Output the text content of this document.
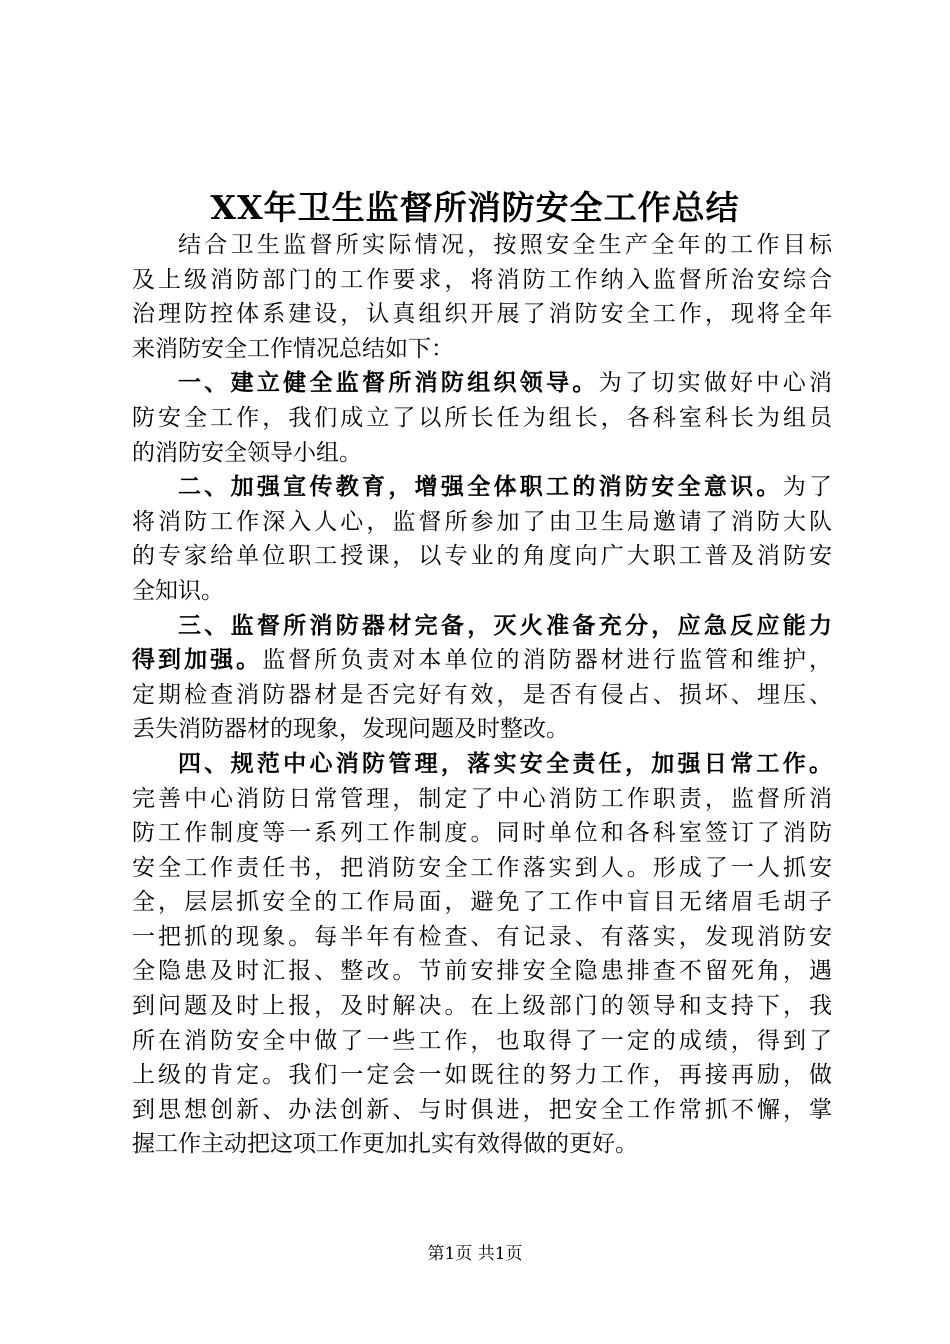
XX年卫生监督所消防安全工作总结
结合卫生监督所实际情况，按照安全生产全年的工作目标
及上级消防部门的工作要求，将消防工作纳入监督所治安综合
治理防控体系建设，认真组织开展了消防安全工作，现将全年
来消防安全工作情况总结如下：
一、建立健全监督所消防组织领导。为了切实做好中心消
防安全工作，我们成立了以所长任为组长，各科室科长为组员
的消防安全领导小组。
二、加强宣传教育，增强全体职工的消防安全意识。为了
将消防工作深入人心，监督所参加了由卫生局邀请了消防大队
的专家给单位职工授课，以专业的角度向广大职工普及消防安
全知识。
三、监督所消防器材完备，灭火准备充分，应急反应能力
得到加强。监督所负责对本单位的消防器材进行监管和维护，
定期检查消防器材是否完好有效，是否有侵占、损坏、埋压、
丢失消防器材的现象，发现问题及时整改。
四、规范中心消防管理，落实安全责任，加强日常工作。
完善中心消防日常管理，制定了中心消防工作职责，监督所消
防工作制度等一系列工作制度。同时单位和各科室签订了消防
安全工作责任书，把消防安全工作落实到人。形成了一人抓安
全，层层抓安全的工作局面，避免了工作中盲目无绪眉毛胡子
一把抓的现象。每半年有检查、有记录、有落实，发现消防安
全隐患及时汇报、整改。节前安排安全隐患排查不留死角，遇
到问题及时上报，及时解决。在上级部门的领导和支持下，我
所在消防安全中做了一些工作，也取得了一定的成绩，得到了
上级的肯定。我们一定会一如既往的努力工作，再接再励，做
到思想创新、办法创新、与时俱进，把安全工作常抓不懈，掌
握工作主动把这项工作更加扎实有效得做的更好。
第1页 共1页
